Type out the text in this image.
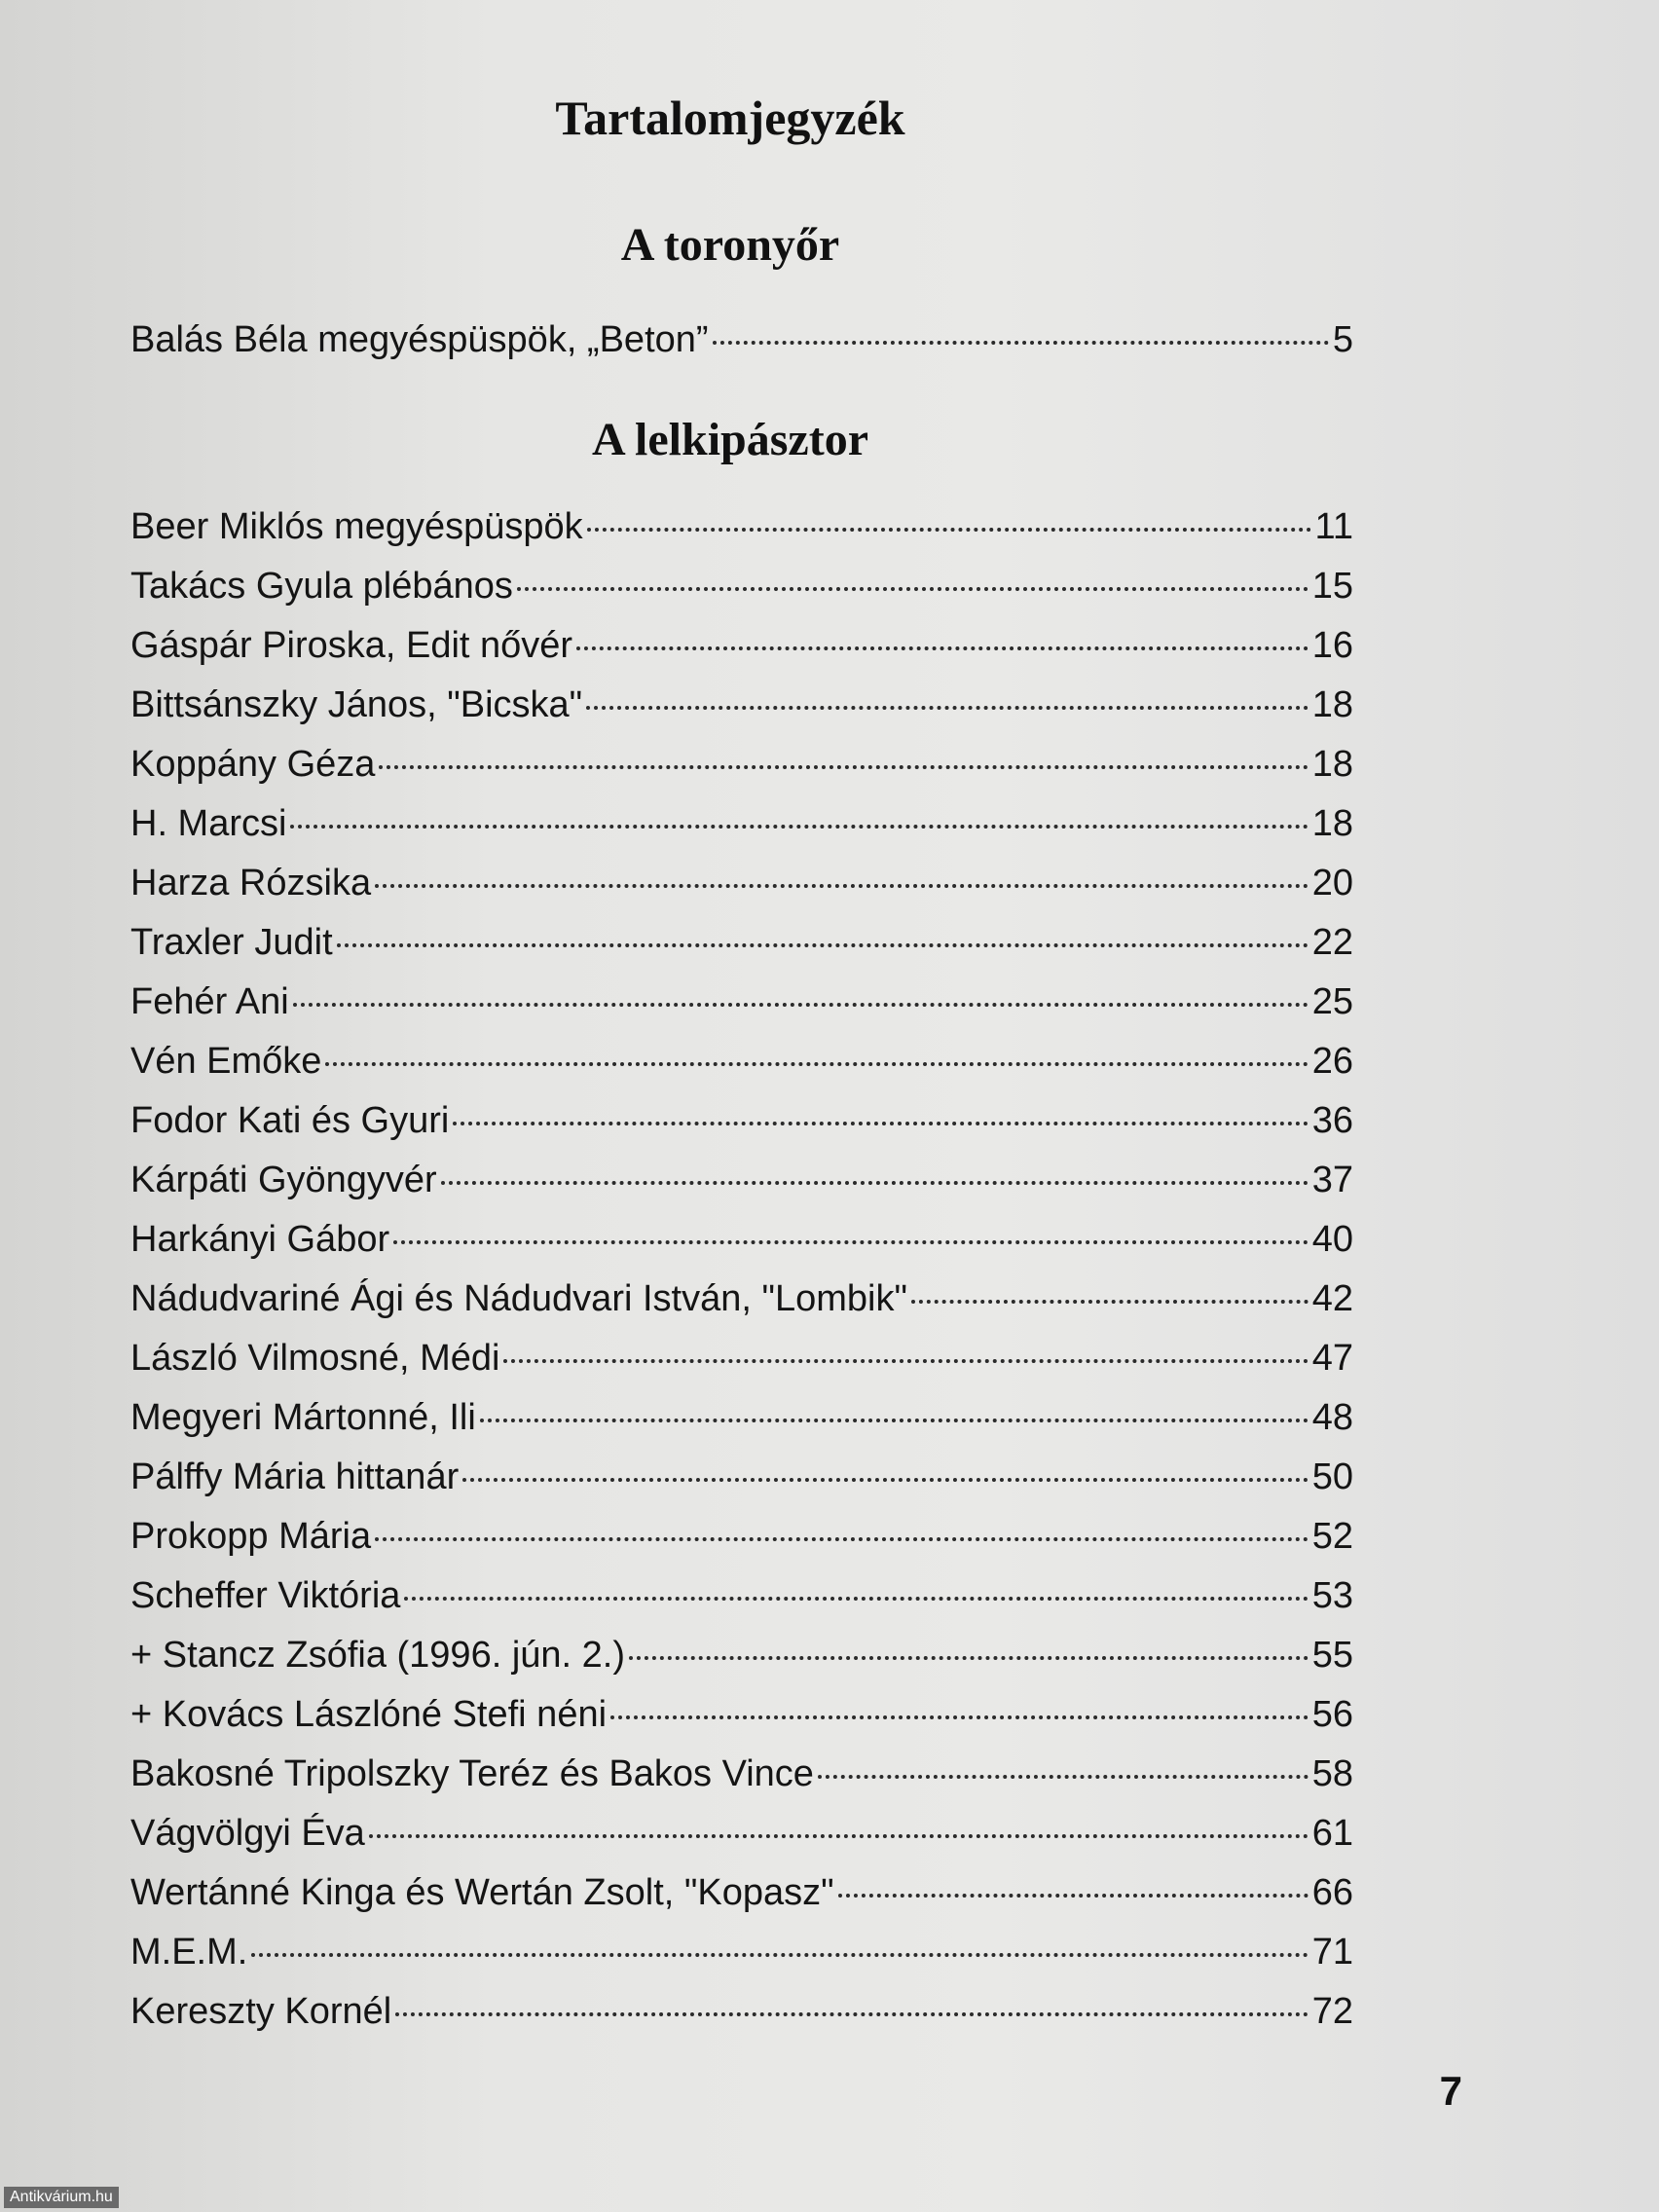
Tartalomjegyzék
A toronyőr
Balás Béla megyéspüspök, „Beton”	5
A lelkipásztor
Beer Miklós megyéspüspök	11
Takács Gyula plébános	15
Gáspár Piroska, Edit nővér	16
Bittsánszky János, "Bicska"	18
Koppány Géza	18
H. Marcsi	18
Harza Rózsika	20
Traxler Judit	22
Fehér Ani	25
Vén Emőke	26
Fodor Kati és Gyuri	36
Kárpáti Gyöngyvér	37
Harkányi Gábor	40
Nádudvariné Ági és Nádudvari István, "Lombik"	42
László Vilmosné, Médi	47
Megyeri Mártonné, Ili	48
Pálffy Mária hittanár	50
Prokopp Mária	52
Scheffer Viktória	53
+ Stancz Zsófia (1996. jún. 2.)	55
+ Kovács Lászlóné Stefi néni	56
Bakosné Tripolszky Teréz és Bakos Vince	58
Vágvölgyi Éva	61
Wertánné Kinga és Wertán Zsolt, "Kopasz"	66
M.E.M.	71
Kereszty Kornél	72
7
Antikvárium.hu
